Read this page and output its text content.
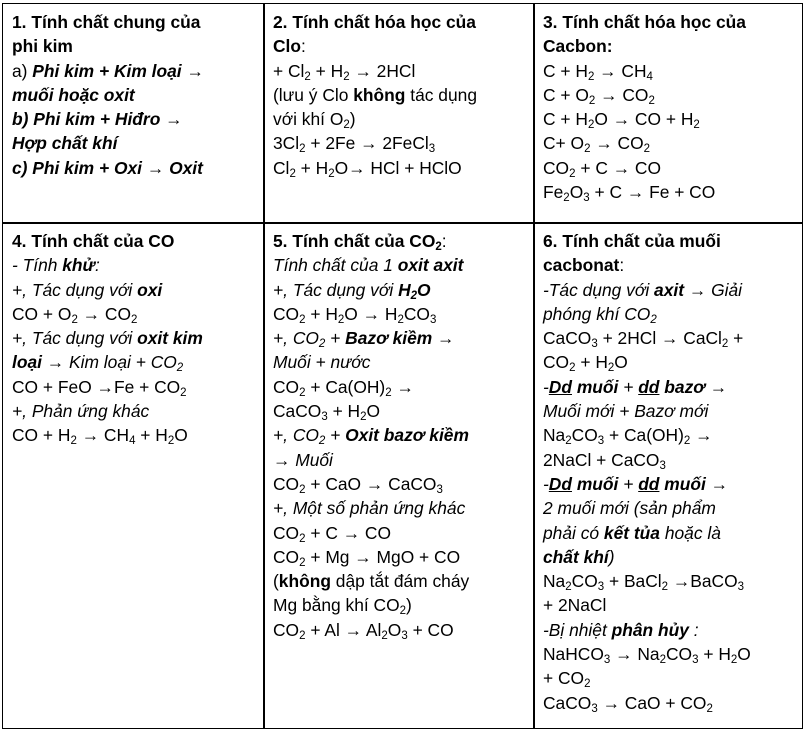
1. Tính chất chung của
phi kim
a) Phi kim + Kim loại →
muối hoặc oxit
b) Phi kim + Hiđro →
Hợp chất khí
c) Phi kim + Oxi → Oxit
2. Tính chất hóa học của
Clo:
+ $Cl_2 + H_2 \to 2HCl$
(lưu ý Clo không tác dụng
với khí $O_2$)
$3Cl_2 + 2Fe$ → 2FeCl$_3$
$Cl_2 + H_2O\to$ HCl + HClO
3. Tính chất hóa học của
Cacbon:
$C + H_2 \to CH_4$
$C + O_2 \to CO_2$
$C + H_2O$ → CO + $H_2$
$C+ O_2 \to CO_2$
$CO_2 + C$ → CO
$Fe_2O_3 + C \to Fe$ + CO
4. Tính chất của CO
- Tính khử:
+, Tác dụng với oxi
CO + $O_2 \to CO_2$
+, Tác dụng với oxit kim
loại → Kim loại + $CO_2$
CO + FeO $\to Fe + CO_2$
+, Phản ứng khác
CO + $H_2 \to CH_4 + H_2O$
5. Tính chất của $CO_2$:
Tính chất của 1 oxit axit
+, Tác dụng với $H_2O$
$CO_2 + H_2O \to H_2CO_3$
+, $CO_2$ + Bazơ kiềm →
Muối + nước
$CO_2 + Ca(OH)_2$ →
CaCO$_3$ + $H_2O$
+, $CO_2$ + Oxit bazơ kiềm
→ Muối
$CO_2$ + CaO → CaCO$_3$
+, Một số phản ứng khác
$CO_2 + C$ → CO
$CO_2 + Mg$ → MgO + CO
(không dập tắt đám cháy
Mg bằng khí $CO_2$)
$CO_2 + Al \to Al_2O_3$ + CO
6. Tính chất của muối
cacbonat:
-Tác dụng với axit → Giải
phóng khí $CO_2$
CaCO$_3$ + 2HCl → CaCl$_2$ +
$CO_2 + H_2O$
-Dd muối + dd bazơ →
Muối mới + Bazơ mới
$Na_2CO_3 + Ca(OH)_2$ →
2NaCl + CaCO$_3$
-Dd muối + dd muối →
2 muối mới (sản phẩm
phải có kết tủa hoặc là
chất khí)
$Na_2CO_3$ + BaCl$_2$ →BaCO$_3$
+ 2NaCl
-Bị nhiệt phân hủy :
NaHCO$_3$ → $Na_2CO_3 + H_2O$
+ $CO_2$
CaCO$_3$ → CaO + $CO_2$
